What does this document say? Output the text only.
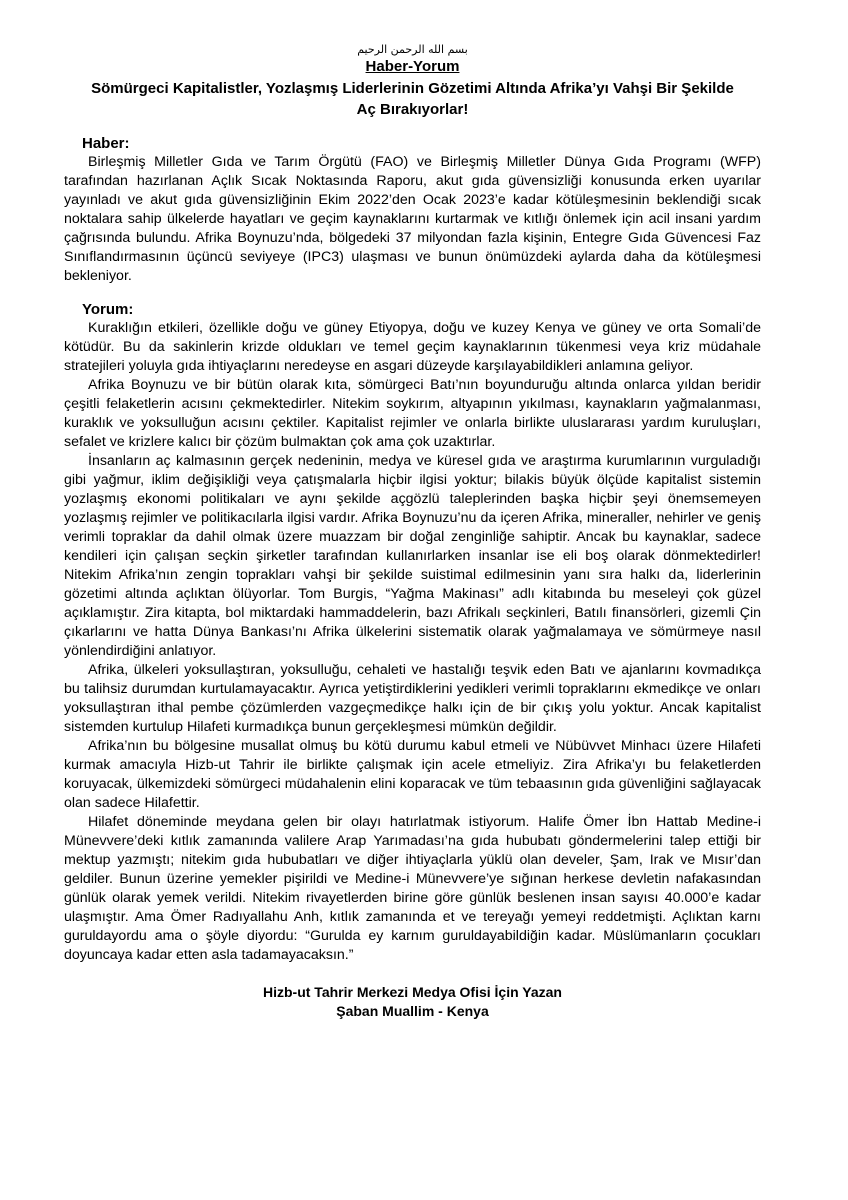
بسم الله الرحمن الرحيم
Haber-Yorum
Sömürgeci Kapitalistler, Yozlaşmış Liderlerinin Gözetimi Altında Afrika’yı Vahşi Bir Şekilde Aç Bırakıyorlar!
Haber:

Birleşmiş Milletler Gıda ve Tarım Örgütü (FAO) ve Birleşmiş Milletler Dünya Gıda Programı (WFP) tarafından hazırlanan Açlık Sıcak Noktasında Raporu, akut gıda güvensizliği konusunda erken uyarılar yayınladı ve akut gıda güvensizliğinin Ekim 2022’den Ocak 2023’e kadar kötüleşmesinin beklendiği sıcak noktalara sahip ülkelerde hayatları ve geçim kaynaklarını kurtarmak ve kıtlığı önlemek için acil insani yardım çağrısında bulundu. Afrika Boynuzu’nda, bölgedeki 37 milyondan fazla kişinin, Entegre Gıda Güvencesi Faz Sınıflandırmasının üçüncü seviyeye (IPC3) ulaşması ve bunun önümüzdeki aylarda daha da kötüleşmesi bekleniyor.

Yorum:

Kuraklığın etkileri, özellikle doğu ve güney Etiyopya, doğu ve kuzey Kenya ve güney ve orta Somali’de kötüdür. Bu da sakinlerin krizde oldukları ve temel geçim kaynaklarının tükenmesi veya kriz müdahale stratejileri yoluyla gıda ihtiyaçlarını neredeyse en asgari düzeyde karşılayabildikleri anlamına geliyor.

Afrika Boynuzu ve bir bütün olarak kıta, sömürgeci Batı’nın boyunduruğu altında onlarca yıldan beridir çeşitli felaketlerin acısını çekmektedirler. Nitekim soykırım, altyapının yıkılması, kaynakların yağmalanması, kuraklık ve yoksulluğun acısını çektiler. Kapitalist rejimler ve onlarla birlikte uluslararası yardım kuruluşları, sefalet ve krizlere kalıcı bir çözüm bulmaktan çok ama çok uzaktırlar.

İnsanların aç kalmasının gerçek nedeninin, medya ve küresel gıda ve araştırma kurumlarının vurguladığı gibi yağmur, iklim değişikliği veya çatışmalarla hiçbir ilgisi yoktur; bilakis büyük ölçüde kapitalist sistemin yozlaşmış ekonomi politikaları ve aynı şekilde açgözlü taleplerinden başka hiçbir şeyi önemsemeyen yozlaşmış rejimler ve politikacılarla ilgisi vardır. Afrika Boynuzu’nu da içeren Afrika, mineraller, nehirler ve geniş verimli topraklar da dahil olmak üzere muazzam bir doğal zenginliğe sahiptir. Ancak bu kaynaklar, sadece kendileri için çalışan seçkin şirketler tarafından kullanırlarken insanlar ise eli boş olarak dönmektedirler! Nitekim Afrika’nın zengin toprakları vahşi bir şekilde suistimal edilmesinin yanı sıra halkı da, liderlerinin gözetimi altında açlıktan ölüyorlar. Tom Burgis, “Yağma Makinası” adlı kitabında bu meseleyi çok güzel açıklamıştır. Zira kitapta, bol miktardaki hammaddelerin, bazı Afrikalı seçkinleri, Batılı finansörleri, gizemli Çin çıkarlarını ve hatta Dünya Bankası’nı Afrika ülkelerini sistematik olarak yağmalamaya ve sömürmeye nasıl yönlendirdiğini anlatıyor.

Afrika, ülkeleri yoksullaştıran, yoksulluğu, cehaleti ve hastalığı teşvik eden Batı ve ajanlarını kovmadıkça bu talihsiz durumdan kurtulamayacaktır. Ayrıca yetiştirdiklerini yedikleri verimli topraklarını ekmedikçe ve onları yoksullaştıran ithal pembe çözümlerden vazgeçmedikçe halkı için de bir çıkış yolu yoktur. Ancak kapitalist sistemden kurtulup Hilafeti kurmadıkça bunun gerçekleşmesi mümkün değildir.

Afrika’nın bu bölgesine musallat olmuş bu kötü durumu kabul etmeli ve Nübüvvet Minhacı üzere Hilafeti kurmak amacıyla Hizb-ut Tahrir ile birlikte çalışmak için acele etmeliyiz. Zira Afrika’yı bu felaketlerden koruyacak, ülkemizdeki sömürgeci müdahalenin elini koparacak ve tüm tebaasının gıda güvenliğini sağlayacak olan sadece Hilafettir.

Hilafet döneminde meydana gelen bir olayı hatırlatmak istiyorum. Halife Ömer İbn Hattab Medine-i Münevvere’deki kıtlık zamanında valilere Arap Yarımadası’na gıda hububatı göndermelerini talep ettiği bir mektup yazmıştı; nitekim gıda hububatları ve diğer ihtiyaçlarla yüklü olan develer, Şam, Irak ve Mısır’dan geldiler. Bunun üzerine yemekler pişirildi ve Medine-i Münevvere’ye sığınan herkese devletin nafakasından günlük olarak yemek verildi. Nitekim rivayetlerden birine göre günlük beslenen insan sayısı 40.000’e kadar ulaşmıştır. Ama Ömer Radıyallahu Anh, kıtlık zamanında et ve tereyağı yemeyi reddetmişti. Açlıktan karnı guruldayordu ama o şöyle diyordu: “Gurulda ey karnım guruldayabildiğin kadar. Müslümanların çocukları doyuncaya kadar etten asla tadamayacaksın.”

Hizb-ut Tahrir Merkezi Medya Ofisi İçin Yazan
Şaban Muallim - Kenya
